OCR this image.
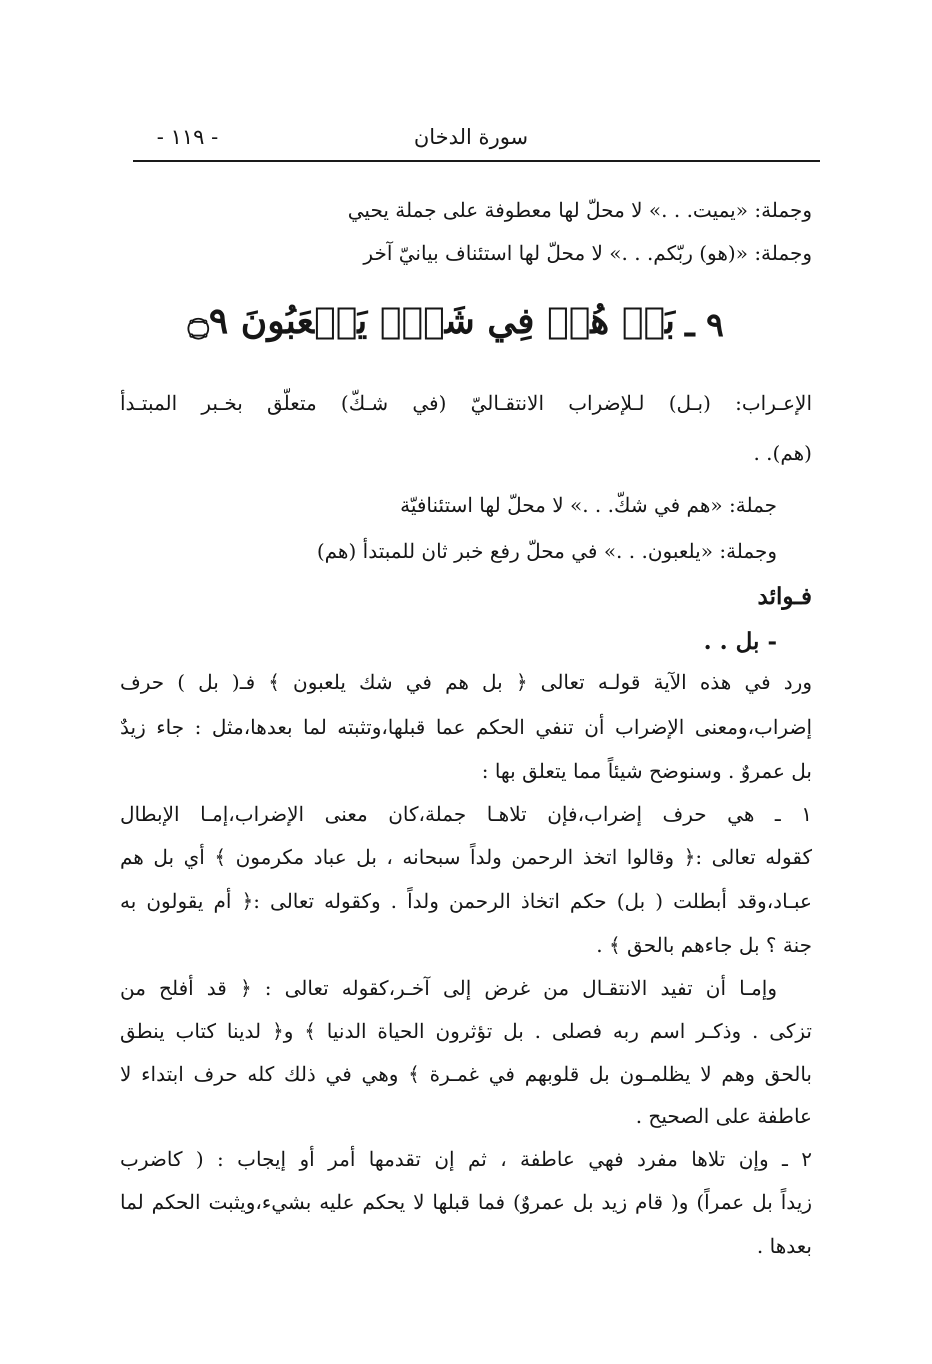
سورة الدخان
- ١١٩ -
وجملة: «يميت. . .» لا محلّ لها معطوفة على جملة يحيي
وجملة: «(هو) ربّكم. . .» لا محلّ لها استئناف بيانيّ آخر
٩ ـ
بَلۡ هُمۡ فِي شَكّٖ يَلۡعَبُونَ ۝٩
الإعـراب: (بـل) لـلإضراب الانتقـاليّ (في شـكّ) متعلّق بخـبر المبتـدأ
(هم). .
جملة: «هم في شكّ. . .» لا محلّ لها استئنافيّة
وجملة: «يلعبون. . .» في محلّ رفع خبر ثان للمبتدأ (هم)
فـوائد
- بل . .
ورد في هذه الآية قولـه تعالى ﴿ بل هم في شك يلعبون ﴾ فـ( بل ) حرف
إضراب،ومعنى الإضراب أن تنفي الحكم عما قبلها،وتثبته لما بعدها،مثل : جاء زيدٌ
بل عمروٌ . وسنوضح شيئاً مما يتعلق بها :
١ ـ هي حرف إضراب،فإن تلاهـا جملة،كان معنى الإضراب،إمـا الإبطال
كقوله تعالى :﴿ وقالوا اتخذ الرحمن ولداً سبحانه ، بل عباد مكرمون ﴾ أي بل هم
عبـاد،وقد أبطلت ( بل) حكم اتخاذ الرحمن ولداً . وكقوله تعالى :﴿ أم يقولون به
جنة ؟ بل جاءهم بالحق ﴾ .
وإمـا أن تفيد الانتقـال من غرض إلى آخـر،كقوله تعالى : ﴿ قد أفلح من
تزكى . وذكـر اسم ربه فصلى . بل تؤثرون الحياة الدنيا ﴾ و﴿ لدينا كتاب ينطق
بالحق وهم لا يظلمـون بل قلوبهم في غمـرة ﴾ وهي في ذلك كله حرف ابتداء لا
عاطفة على الصحيح .
٢ ـ وإن تلاها مفرد فهي عاطفة ، ثم إن تقدمها أمر أو إيجاب : ( كاضرب
زيداً بل عمراً) و( قام زيد بل عمروٌ) فما قبلها لا يحكم عليه بشيء،ويثبت الحكم لما
بعدها .
